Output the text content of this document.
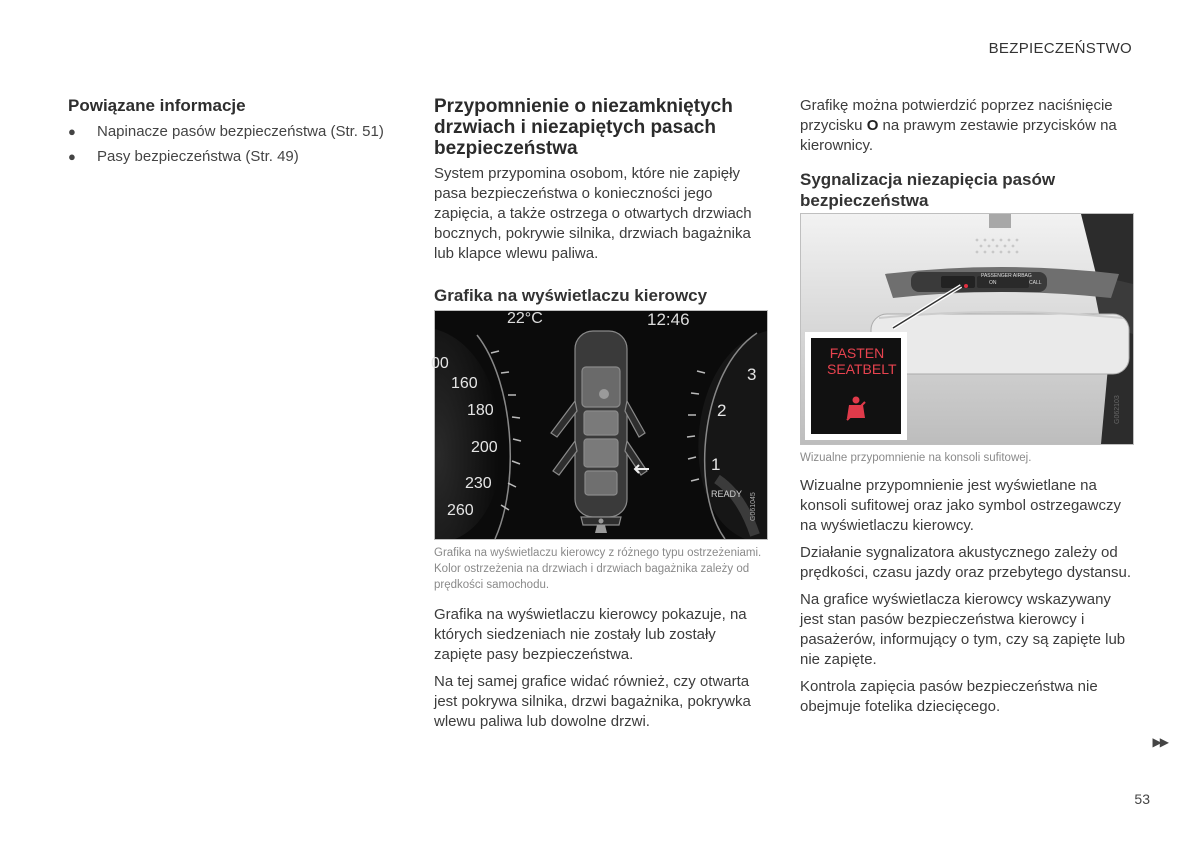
BEZPIECZEŃSTWO
Powiązane informacje
● Napinacze pasów bezpieczeństwa (Str. 51)
● Pasy bezpieczeństwa (Str. 49)
Przypomnienie o niezamkniętych drzwiach i niezapiętych pasach bezpieczeństwa

System przypomina osobom, które nie zapięły pasa bezpieczeństwa o konieczności jego zapięcia, a także ostrzega o otwartych drzwiach bocznych, pokrywie silnika, drzwiach bagażnika lub klapce wlewu paliwa.

Grafika na wyświetlaczu kierowcy
G061045
22°C	12:46
00
160
180
200
230
260
3
2
1
READY

Grafika na wyświetlaczu kierowcy z różnego typu ostrzeżeniami. Kolor ostrzeżenia na drzwiach i drzwiach bagażnika zależy od prędkości samochodu.

Grafika na wyświetlaczu kierowcy pokazuje, na których siedzeniach nie zostały lub zostały zapięte pasy bezpieczeństwa.

Na tej samej grafice widać również, czy otwarta jest pokrywa silnika, drzwi bagażnika, pokrywka wlewu paliwa lub dowolne drzwi.

Grafikę można potwierdzić poprzez naciśnięcie przycisku O na prawym zestawie przycisków na kierownicy.

Sygnalizacja niezapięcia pasów bezpieczeństwa
G062103
FASTEN
SEATBELT
PASSENGER AIRBAG
ON	CALL

Wizualne przypomnienie na konsoli sufitowej.

Wizualne przypomnienie jest wyświetlane na konsoli sufitowej oraz jako symbol ostrzegawczy na wyświetlaczu kierowcy.

Działanie sygnalizatora akustycznego zależy od prędkości, czasu jazdy oraz przebytego dystansu.

Na grafice wyświetlacza kierowcy wskazywany jest stan pasów bezpieczeństwa kierowcy i pasażerów, informujący o tym, czy są zapięte lub nie zapięte.

Kontrola zapięcia pasów bezpieczeństwa nie obejmuje fotelika dziecięcego.

▶▶
53
